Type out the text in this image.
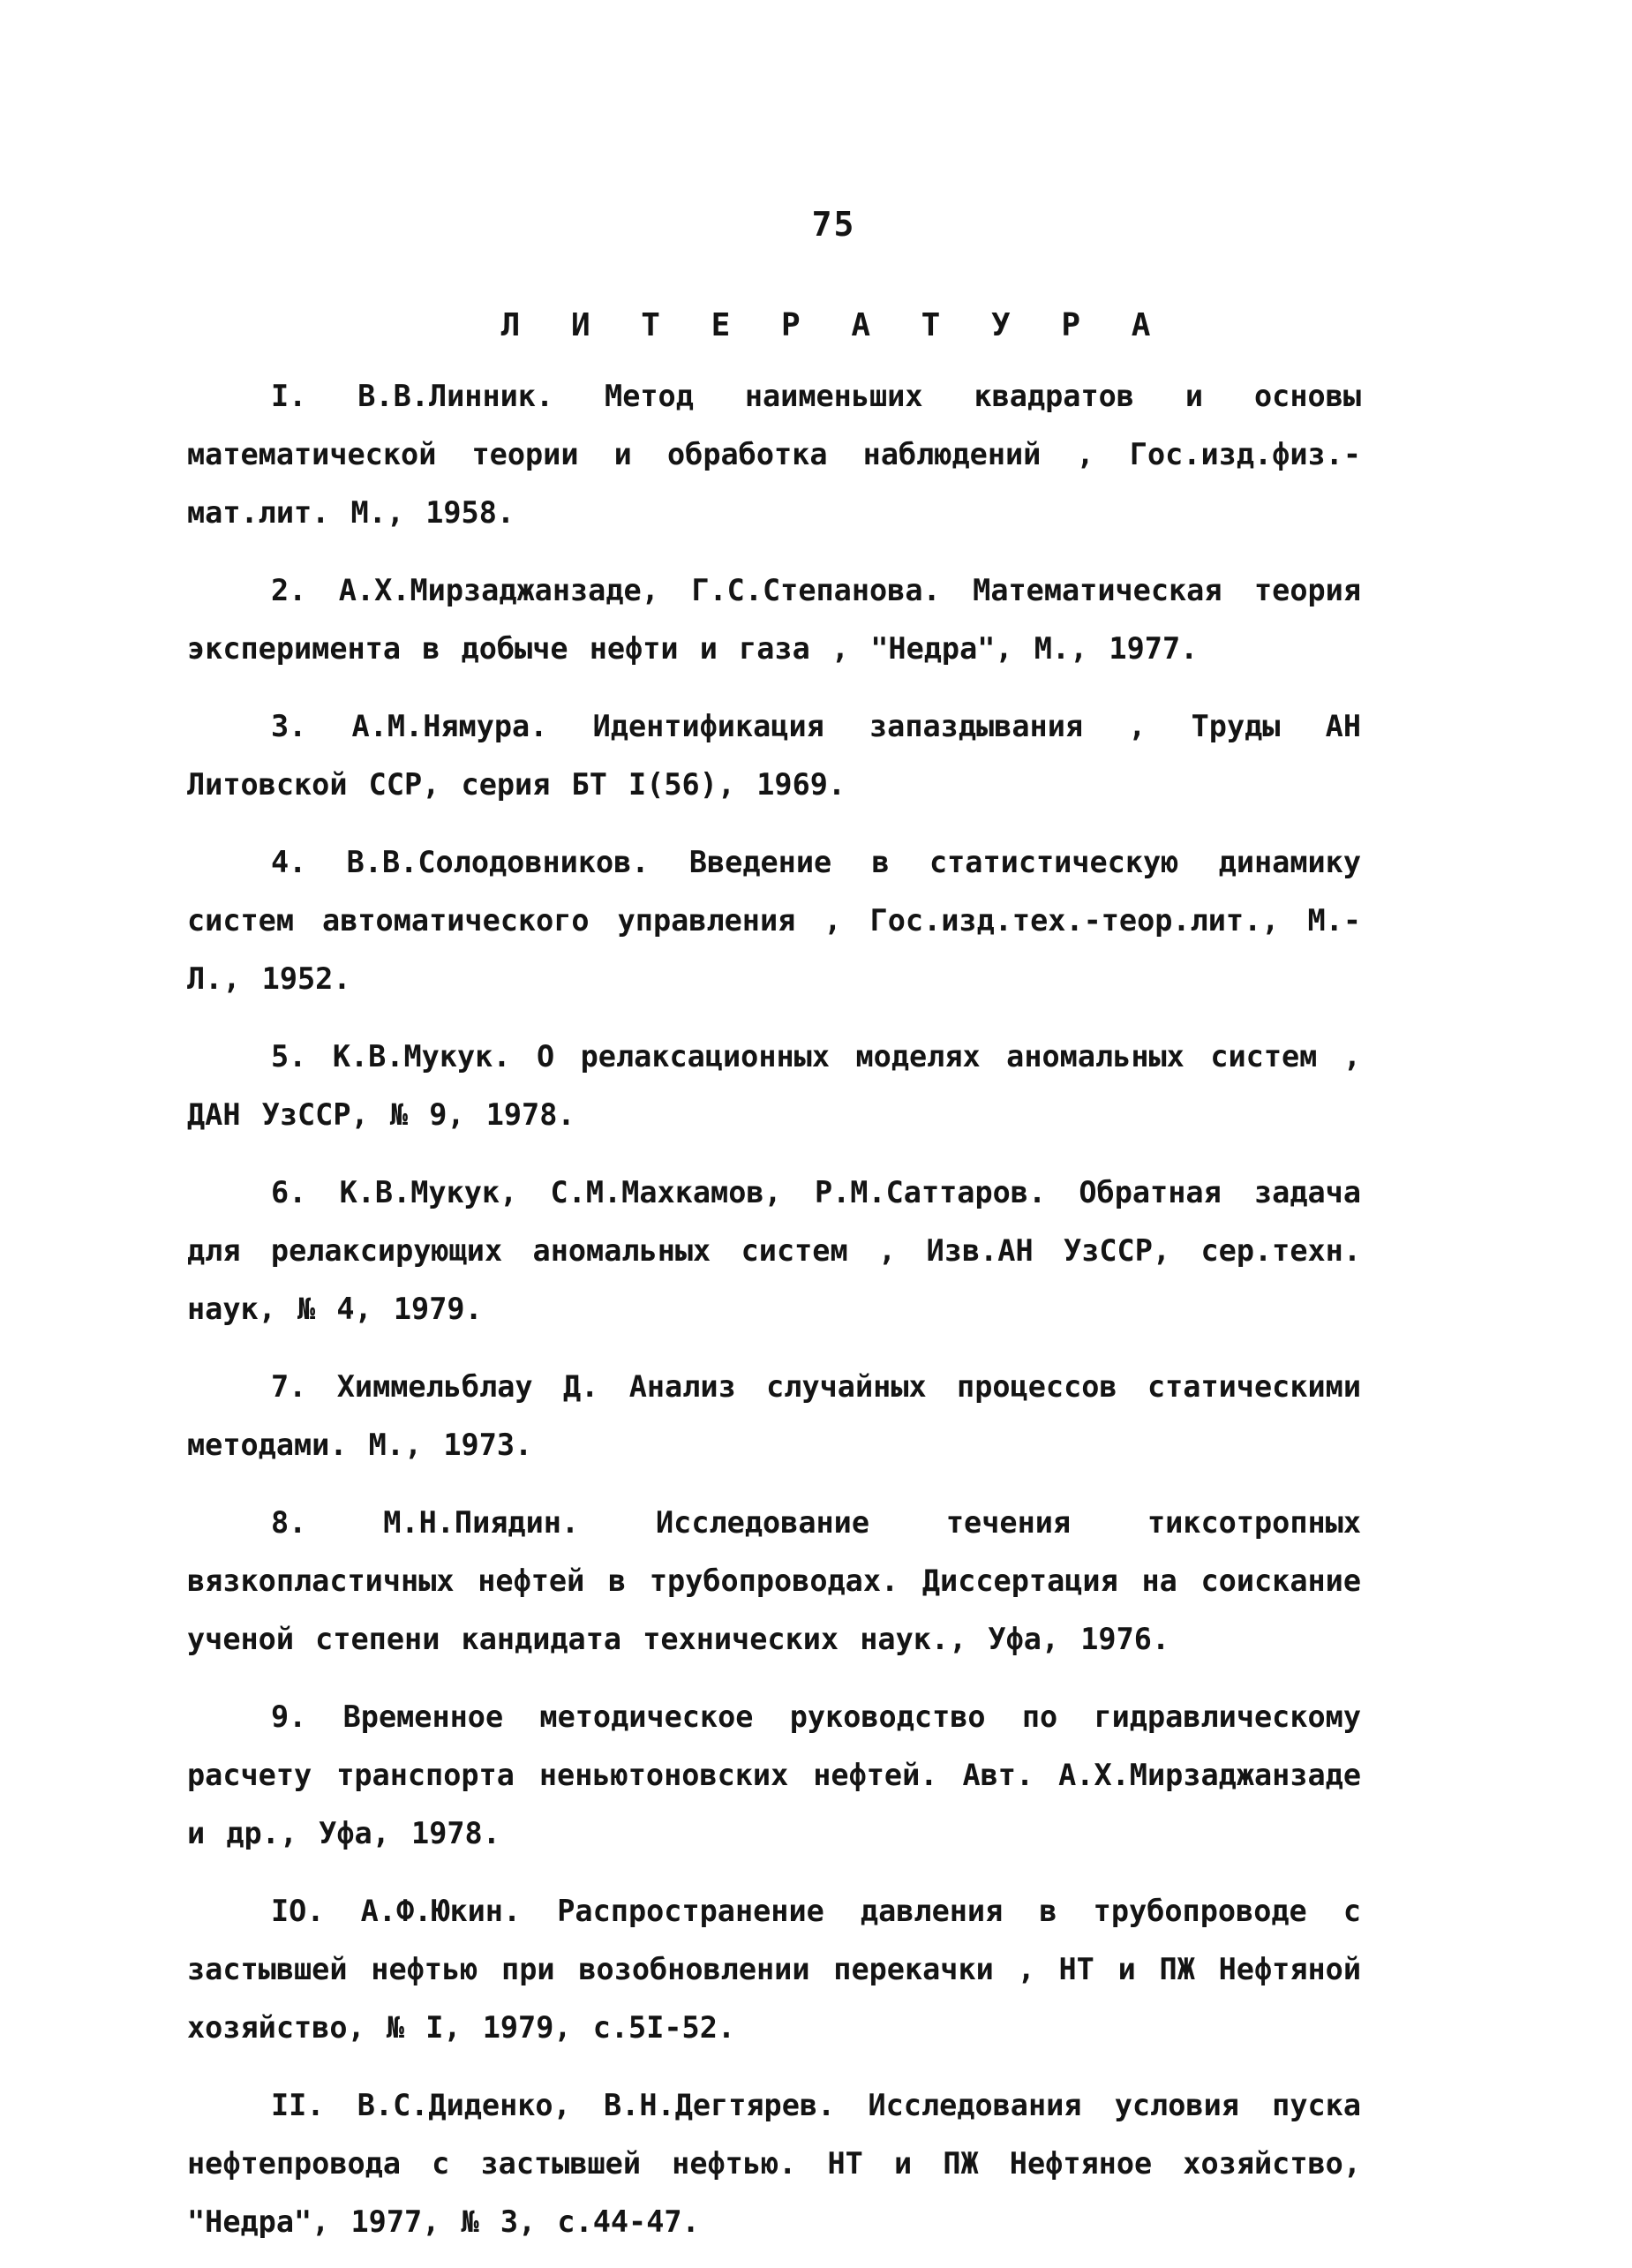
75
Л И Т Е Р А Т У Р А

I. В.В.Линник. Метод наименьших квадратов и основы математической теории и обработка наблюдений , Гос.изд.физ.-мат.лит. М., 1958.

2. А.Х.Мирзаджанзаде, Г.С.Степанова. Математическая теория эксперимента в добыче нефти и газа , "Недра", М., 1977.

3. А.М.Нямура. Идентификация запаздывания , Труды АН Литовской ССР, серия БТ I(56), 1969.

4. В.В.Солодовников. Введение в статистическую динамику систем автоматического управления , Гос.изд.тех.-теор.лит., М.-Л., 1952.

5. К.В.Мукук. О релаксационных моделях аномальных систем , ДАН УзССР, № 9, 1978.

6. К.В.Мукук, С.М.Махкамов, Р.М.Саттаров. Обратная задача для релаксирующих аномальных систем , Изв.АН УзССР, сер.техн. наук, № 4, 1979.

7. Химмельблау Д. Анализ случайных процессов статическими методами. М., 1973.

8. М.Н.Пиядин. Исследование течения тиксотропных вязкопластичных нефтей в трубопроводах. Диссертация на соискание ученой степени кандидата технических наук., Уфа, 1976.

9. Временное методическое руководство по гидравлическому расчету транспорта неньютоновских нефтей. Авт. А.Х.Мирзаджанзаде и др., Уфа, 1978.

IO. А.Ф.Юкин. Распространение давления в трубопроводе с застывшей нефтью при возобновлении перекачки , НТ и ПЖ Нефтяной хозяйство, № I, 1979, с.5I-52.

II. В.С.Диденко, В.Н.Дегтярев. Исследования условия пуска нефтепровода с застывшей нефтью. НТ и ПЖ Нефтяное хозяйство, "Недра", 1977, № 3, с.44-47.
